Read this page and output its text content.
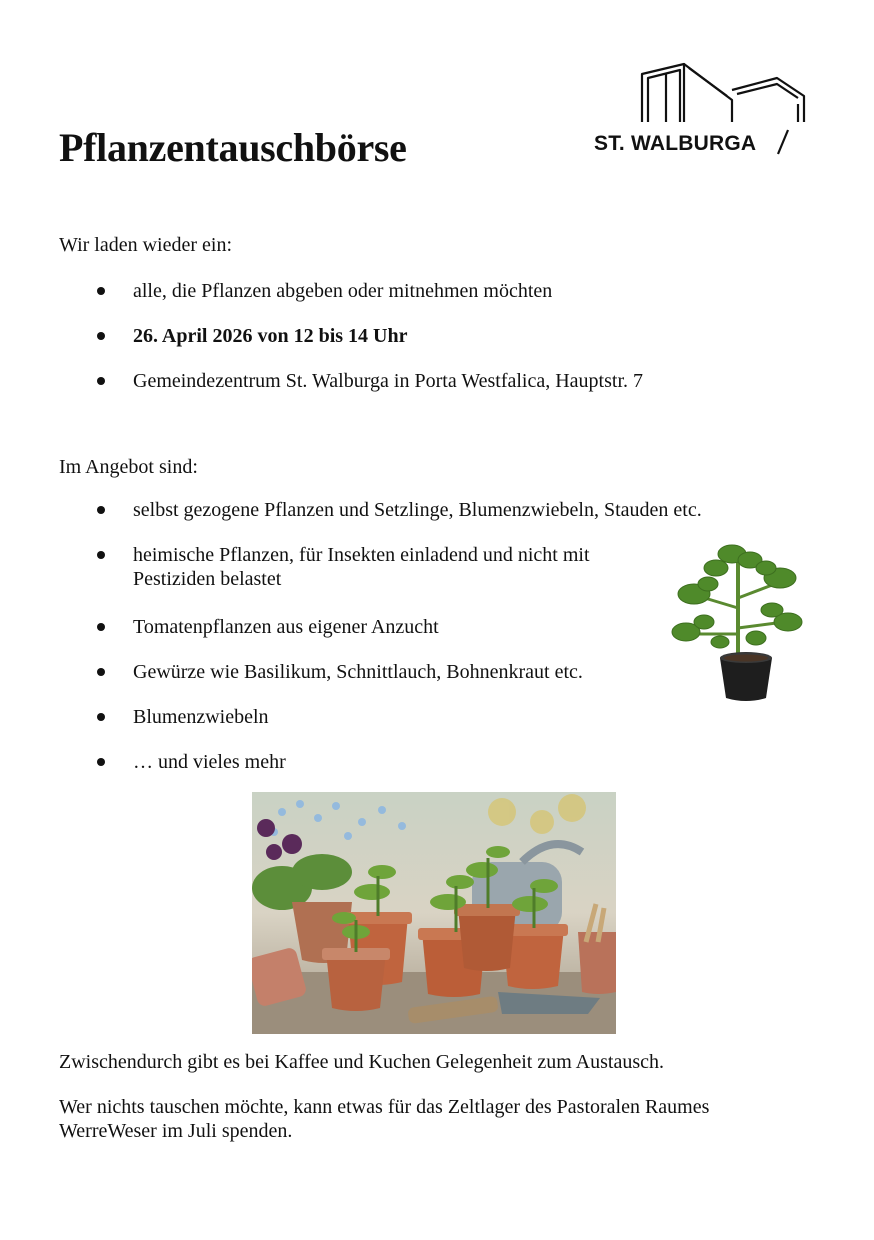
Pflanzentauschbörse	ST. WALBURGA

Wir laden wieder ein:

alle, die Pflanzen abgeben oder mitnehmen möchten
26. April 2026 von 12 bis 14 Uhr
Gemeindezentrum St. Walburga in Porta Westfalica, Hauptstr. 7

Im Angebot sind:

selbst gezogene Pflanzen und Setzlinge, Blumenzwiebeln, Stauden etc.
heimische Pflanzen, für Insekten einladend und nicht mit
Pestiziden belastet
Tomatenpflanzen aus eigener Anzucht
Gewürze wie Basilikum, Schnittlauch, Bohnenkraut etc.
Blumenzwiebeln
… und vieles mehr

Zwischendurch gibt es bei Kaffee und Kuchen Gelegenheit zum Austausch.

Wer nichts tauschen möchte, kann etwas für das Zeltlager des Pastoralen Raumes
WerreWeser im Juli spenden.
